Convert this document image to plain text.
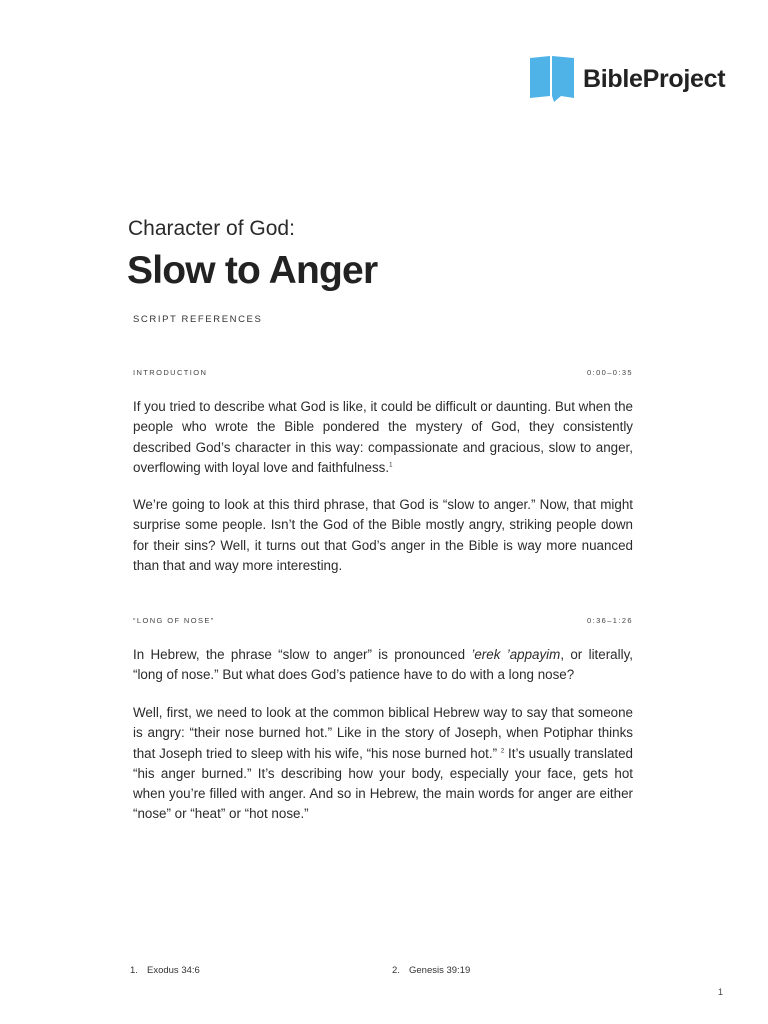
BibleProject
Character of God:
Slow to Anger
SCRIPT REFERENCES
INTRODUCTION	0:00–0:35

If you tried to describe what God is like, it could be difficult or daunting. But when the people who wrote the Bible pondered the mystery of God, they consistently described God’s character in this way: compassionate and gracious, slow to anger, overflowing with loyal love and faithfulness.$^1$

We’re going to look at this third phrase, that God is “slow to anger.” Now, that might surprise some people. Isn’t the God of the Bible mostly angry, striking people down for their sins? Well, it turns out that God’s anger in the Bible is way more nuanced than that and way more interesting.

“LONG OF NOSE”	0:36–1:26

In Hebrew, the phrase “slow to anger” is pronounced ’erek ’appayim, or literally, “long of nose.” But what does God’s patience have to do with a long nose?

Well, first, we need to look at the common biblical Hebrew way to say that someone is angry: “their nose burned hot.” Like in the story of Joseph, when Potiphar thinks that Joseph tried to sleep with his wife, “his nose burned hot.” $^2$ It’s usually translated “his anger burned.” It’s describing how your body, especially your face, gets hot when you’re filled with anger. And so in Hebrew, the main words for anger are either “nose” or “heat” or “hot nose.”

1. Exodus 34:6	2. Genesis 39:19
1
